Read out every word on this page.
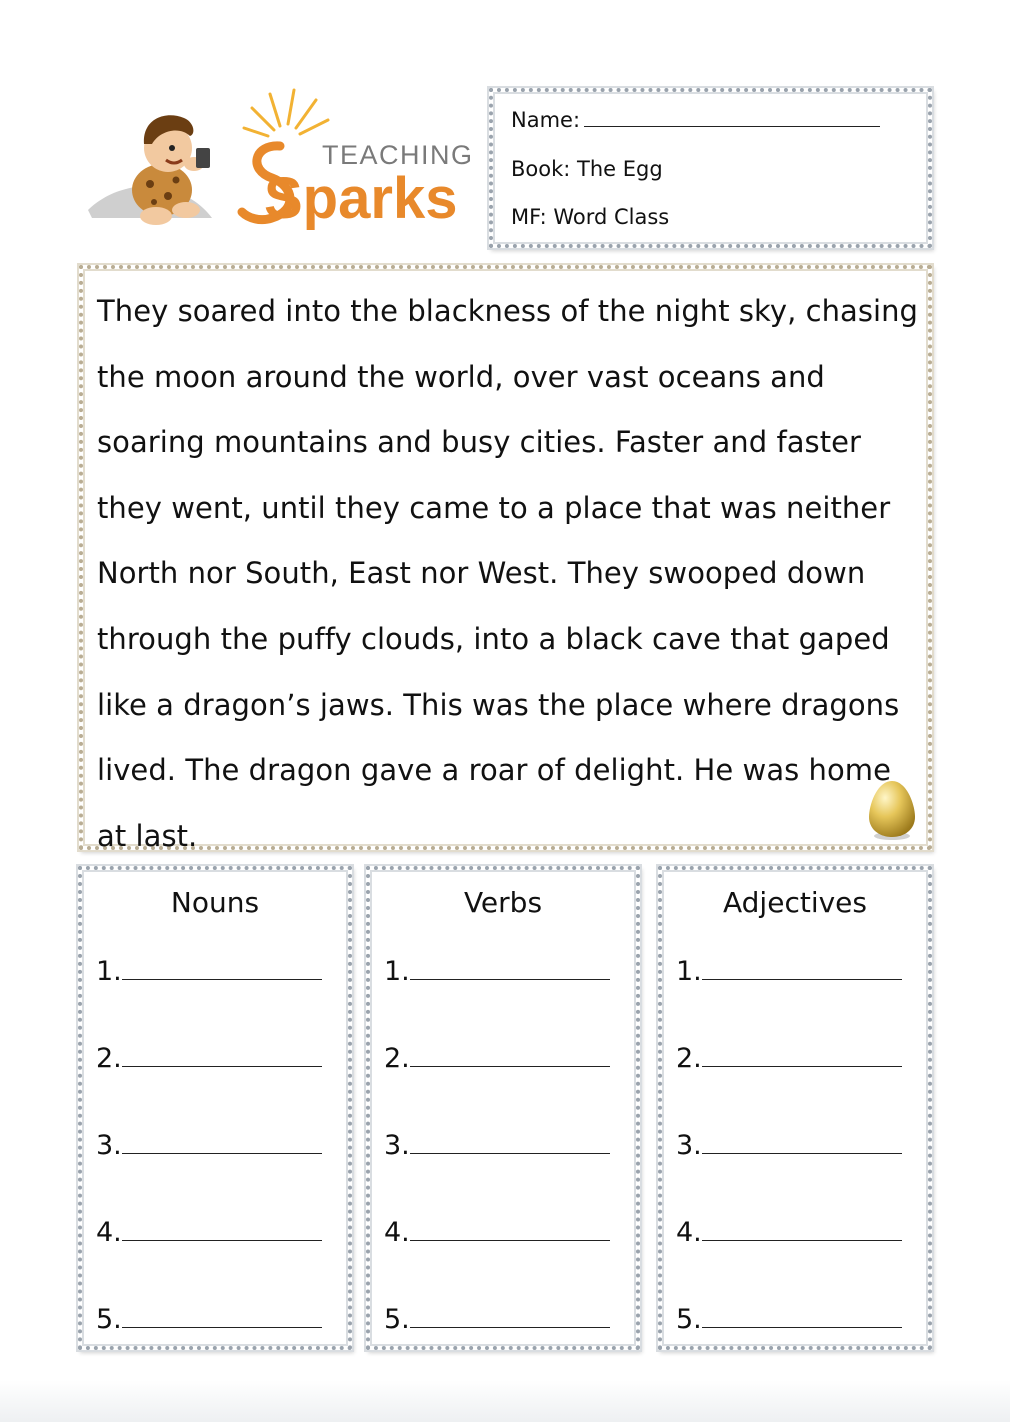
TEACHING
Sparks
Name:
Book: The Egg
MF: Word Class
They soared into the blackness of the night sky, chasing
the moon around the world, over vast oceans and
soaring mountains and busy cities. Faster and faster
they went, until they came to a place that was neither
North nor South, East nor West. They swooped down
through the puffy clouds, into a black cave that gaped
like a dragon’s jaws. This was the place where dragons
lived. The dragon gave a roar of delight. He was home
at last.
Nouns
1.
2.
3.
4.
5.
Verbs
1.
2.
3.
4.
5.
Adjectives
1.
2.
3.
4.
5.
